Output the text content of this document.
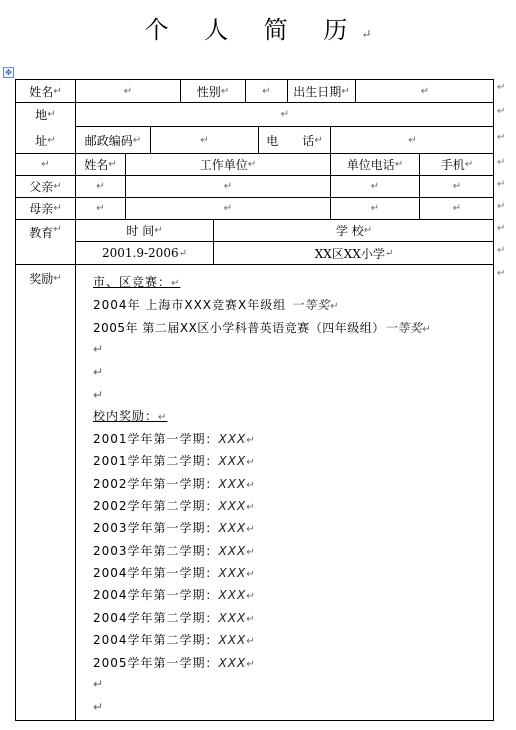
个 人 简 历↵
✥
姓名 ↵	↵	性别 ↵	↵ 出生日期 ↵	↵
地 ↵
址 ↵
↵
邮政编码 ↵	↵	电　　话 ↵	↵
↵	姓名 ↵	工作单位 ↵	单位电话 ↵	手机 ↵
父亲 ↵	↵	↵	↵	↵
母亲 ↵	↵	↵	↵	↵
教育 ↵	时 间 ↵	学 校 ↵
2001.9-2006 ↵	XX区XX小学 ↵
奖励 ↵	市、区竞赛：↵
2004年 上海市XXX竞赛X年级组 一等奖↵
2005年 第二届XX区小学科普英语竞赛（四年级组）一等奖↵
↵
↵
↵
校内奖励：↵
2001学年第一学期：XXX↵
2001学年第二学期：XXX↵
2002学年第一学期：XXX↵
2002学年第二学期：XXX↵
2003学年第一学期：XXX↵
2003学年第二学期：XXX↵
2004学年第一学期：XXX↵
2004学年第一学期：XXX↵
2004学年第二学期：XXX↵
2004学年第二学期：XXX↵
2005学年第一学期：XXX↵
↵
↵
↵
↵
↵
↵
↵
↵
↵
↵
↵
